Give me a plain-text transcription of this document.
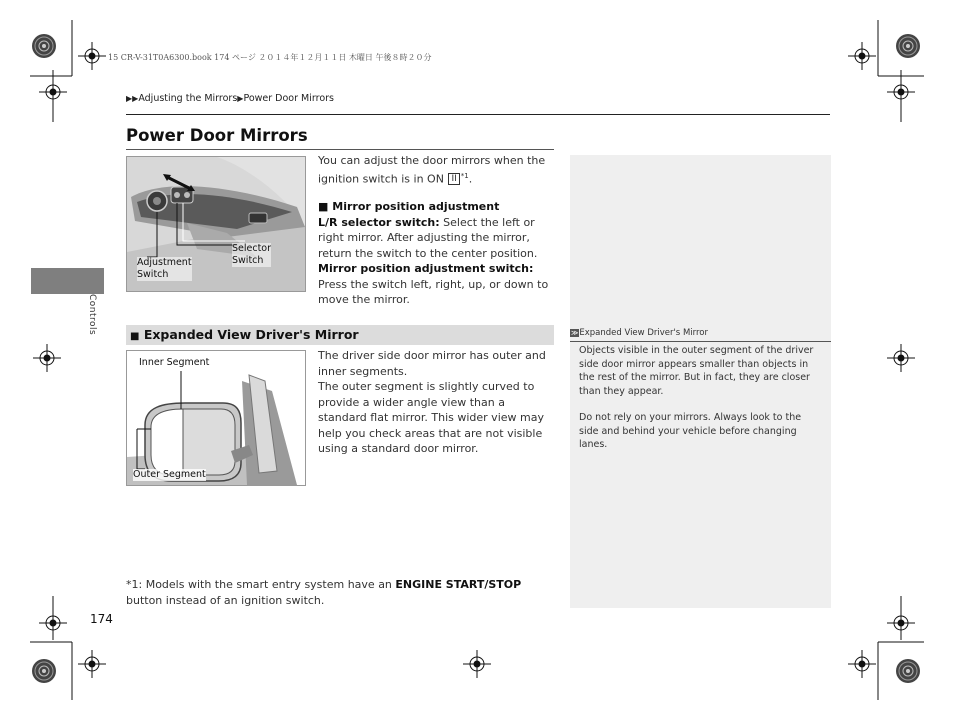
15 CR-V-31T0A6300.book 174 ページ ２０１４年１２月１１日 木曜日 午後８時２０分
▶▶Adjusting the Mirrors▶Power Door Mirrors
Controls
Power Door Mirrors
Adjustment
Switch
Selector
Switch
You can adjust the door mirrors when the ignition switch is in ON II $^{*1}$.
■ Mirror position adjustment
L/R selector switch: Select the left or right mirror. After adjusting the mirror, return the switch to the center position.
Mirror position adjustment switch: Press the switch left, right, up, or down to move the mirror.
■ Expanded View Driver's Mirror
Inner Segment
Outer Segment
The driver side door mirror has outer and inner segments.
The outer segment is slightly curved to provide a wider angle view than a standard flat mirror. This wider view may help you check areas that are not visible using a standard door mirror.
≫Expanded View Driver's Mirror
Objects visible in the outer segment of the driver side door mirror appears smaller than objects in the rest of the mirror. But in fact, they are closer than they appear.
Do not rely on your mirrors. Always look to the side and behind your vehicle before changing lanes.
*1: Models with the smart entry system have an ENGINE START/STOP button instead of an ignition switch.
174
